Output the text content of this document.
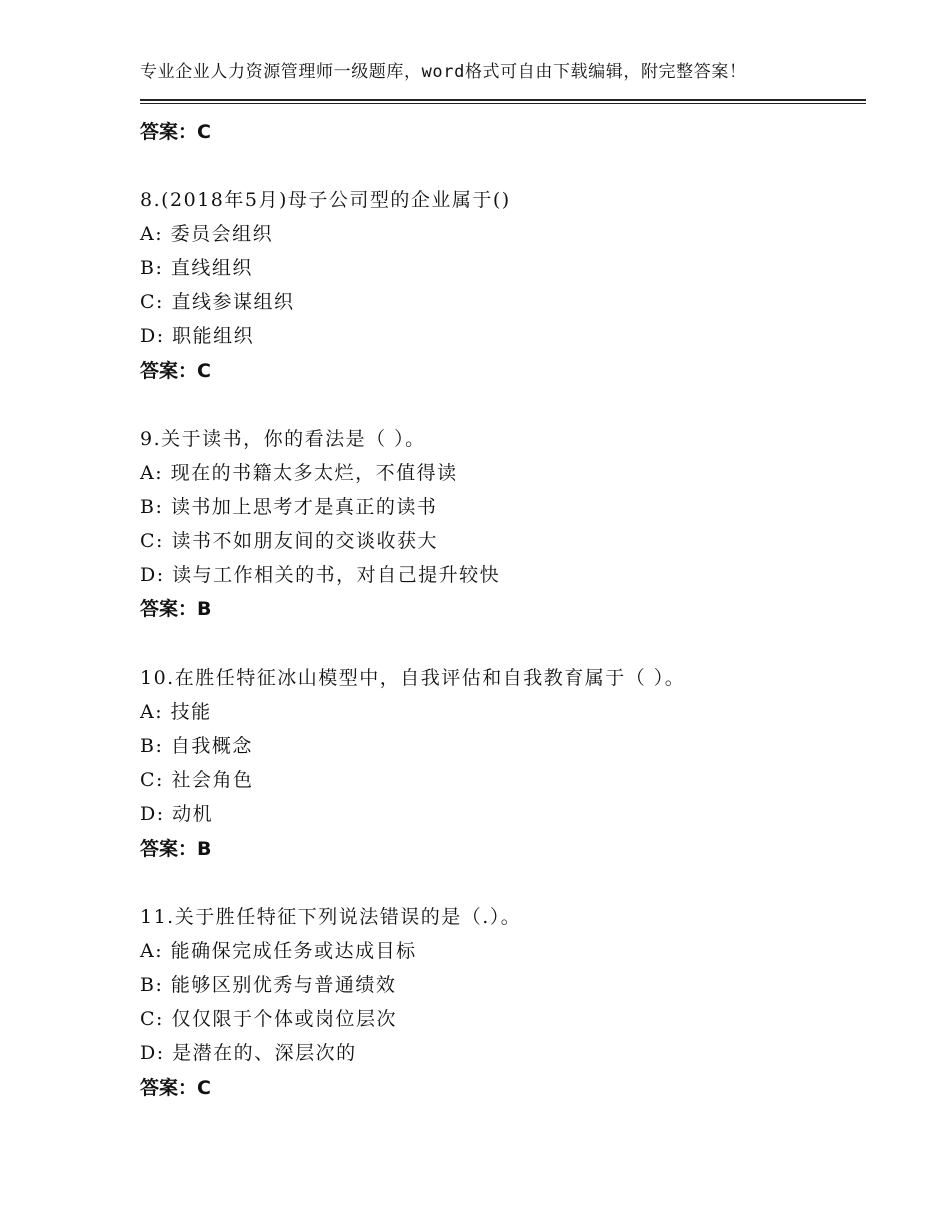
专业企业人力资源管理师一级题库，word格式可自由下载编辑，附完整答案！
答案：C
8.(2018年5月)母子公司型的企业属于()
A: 委员会组织
B: 直线组织
C: 直线参谋组织
D: 职能组织
答案：C
9.关于读书，你的看法是（ ）。
A: 现在的书籍太多太烂，不值得读
B: 读书加上思考才是真正的读书
C: 读书不如朋友间的交谈收获大
D: 读与工作相关的书，对自己提升较快
答案：B
10.在胜任特征冰山模型中，自我评估和自我教育属于（ ）。
A: 技能
B: 自我概念
C: 社会角色
D: 动机
答案：B
11.关于胜任特征下列说法错误的是（.）。
A: 能确保完成任务或达成目标
B: 能够区别优秀与普通绩效
C: 仅仅限于个体或岗位层次
D: 是潜在的、深层次的
答案：C
